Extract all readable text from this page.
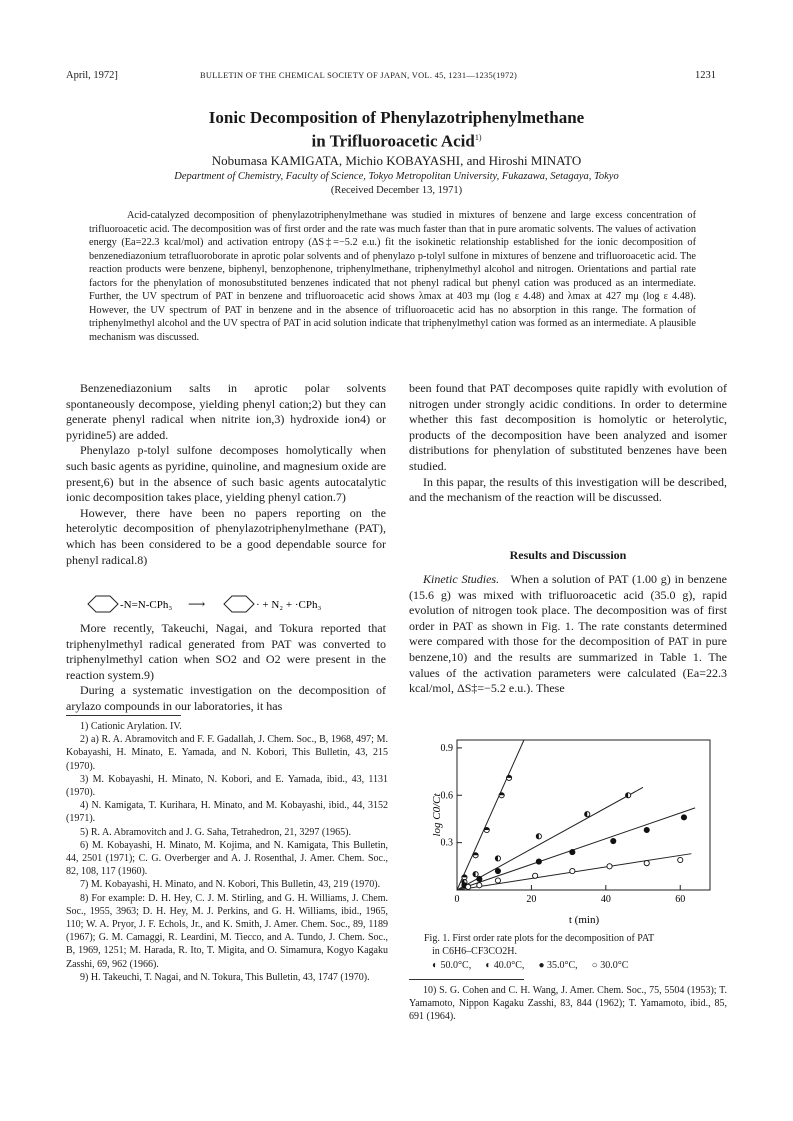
April, 1972]	BULLETIN OF THE CHEMICAL SOCIETY OF JAPAN, VOL. 45, 1231—1235(1972)	1231
Ionic Decomposition of Phenylazotriphenylmethane
in Trifluoroacetic Acid$^{1)}$
Nobumasa KAMIGATA, Michio KOBAYASHI, and Hiroshi MINATO
Department of Chemistry, Faculty of Science, Tokyo Metropolitan University, Fukazawa, Setagaya, Tokyo
(Received December 13, 1971)

Acid-catalyzed decomposition of phenylazotriphenylmethane was studied in mixtures of benzene and large excess concentration of trifluoroacetic acid. The decomposition was of first order and the rate was much faster than that in pure aromatic solvents. The values of activation energy (Ea=22.3 kcal/mol) and activation entropy (ΔS‡=−5.2 e.u.) fit the isokinetic relationship established for the ionic decomposition of benzenediazonium tetrafluoroborate in aprotic polar solvents and of phenylazo p-tolyl sulfone in mixtures of benzene and trifluoroacetic acid. The reaction products were benzene, biphenyl, benzophenone, triphenylmethane, triphenylmethyl alcohol and nitrogen. Orientations and partial rate factors for the phenylation of monosubstituted benzenes indicated that not phenyl radical but phenyl cation was produced as an intermediate. Further, the UV spectrum of PAT in benzene and trifluoroacetic acid shows λmax at 403 mμ (log ε 4.48) and λmax at 427 mμ (log ε 4.48). However, the UV spectrum of PAT in benzene and in the absence of trifluoroacetic acid has no absorption in this range. The formation of triphenylmethyl alcohol and the UV spectra of PAT in acid solution indicate that triphenylmethyl cation was formed as an intermediate. A plausible mechanism was discussed.

Benzenediazonium salts in aprotic polar solvents spontaneously decompose, yielding phenyl cation;2) but they can generate phenyl radical when nitrite ion,3) hydroxide ion4) or pyridine5) are added.

Phenylazo p-tolyl sulfone decomposes homolytically when such basic agents as pyridine, quinoline, and magnesium oxide are present,6) but in the absence of such basic agents autocatalytic ionic decomposition takes place, yielding phenyl cation.7)

However, there have been no papers reporting on the heterolytic decomposition of phenylazotriphenylmethane (PAT), which has been considered to be a good dependable source for phenyl radical.8)

-N=N-CPh₃ ⟶	· + N₂ + ·CPh₃

More recently, Takeuchi, Nagai, and Tokura reported that triphenylmethyl radical generated from PAT was converted to triphenylmethyl cation when SO2 and O2 were present in the reaction system.9)

During a systematic investigation on the decomposition of arylazo compounds in our laboratories, it has

1) Cationic Arylation. IV.

2) a) R. A. Abramovitch and F. F. Gadallah, J. Chem. Soc., B, 1968, 497; M. Kobayashi, H. Minato, E. Yamada, and N. Kobori, This Bulletin, 43, 215 (1970).

3) M. Kobayashi, H. Minato, N. Kobori, and E. Yamada, ibid., 43, 1131 (1970).

4) N. Kamigata, T. Kurihara, H. Minato, and M. Kobayashi, ibid., 44, 3152 (1971).

5) R. A. Abramovitch and J. G. Saha, Tetrahedron, 21, 3297 (1965).

6) M. Kobayashi, H. Minato, M. Kojima, and N. Kamigata, This Bulletin, 44, 2501 (1971); C. G. Overberger and A. J. Rosenthal, J. Amer. Chem. Soc., 82, 108, 117 (1960).

7) M. Kobayashi, H. Minato, and N. Kobori, This Bulletin, 43, 219 (1970).

8) For example: D. H. Hey, C. J. M. Stirling, and G. H. Williams, J. Chem. Soc., 1955, 3963; D. H. Hey, M. J. Perkins, and G. H. Williams, ibid., 1965, 110; W. A. Pryor, J. F. Echols, Jr., and K. Smith, J. Amer. Chem. Soc., 89, 1189 (1967); G. M. Camaggi, R. Leardini, M. Tiecco, and A. Tundo, J. Chem. Soc., B, 1969, 1251; M. Harada, R. Ito, T. Migita, and O. Simamura, Kogyo Kagaku Zasshi, 69, 962 (1966).

9) H. Takeuchi, T. Nagai, and N. Tokura, This Bulletin, 43, 1747 (1970).

been found that PAT decomposes quite rapidly with evolution of nitrogen under strongly acidic conditions. In order to determine whether this fast decomposition is homolytic or heterolytic, products of the decomposition have been analyzed and isomer distributions for phenylation of substituted benzenes have been studied.

In this papar, the results of this investigation will be described, and the mechanism of the reaction will be discussed.

Results and Discussion

Kinetic Studies. When a solution of PAT (1.00 g) in benzene (15.6 g) was mixed with trifluoroacetic acid (35.0 g), rapid evolution of nitrogen took place. The decomposition was of first order in PAT as shown in Fig. 1. The rate constants determined were compared with those for the decomposition of PAT in pure benzene,10) and the results are summarized in Table 1. The values of the activation parameters were calculated (Ea=22.3 kcal/mol, ΔS‡=−5.2 e.u.). These

0	20	40	60
0.3
0.6
0.9
log C0/Ct
t (min)
Fig. 1. First order rate plots for the decomposition of PAT
in C6H6–CF3CO2H.
◐ 50.0°C, ◐ 40.0°C, ● 35.0°C, ○ 30.0°C

10) S. G. Cohen and C. H. Wang, J. Amer. Chem. Soc., 75, 5504 (1953); T. Yamamoto, Nippon Kagaku Zasshi, 83, 844 (1962); T. Yamamoto, ibid., 85, 691 (1964).
